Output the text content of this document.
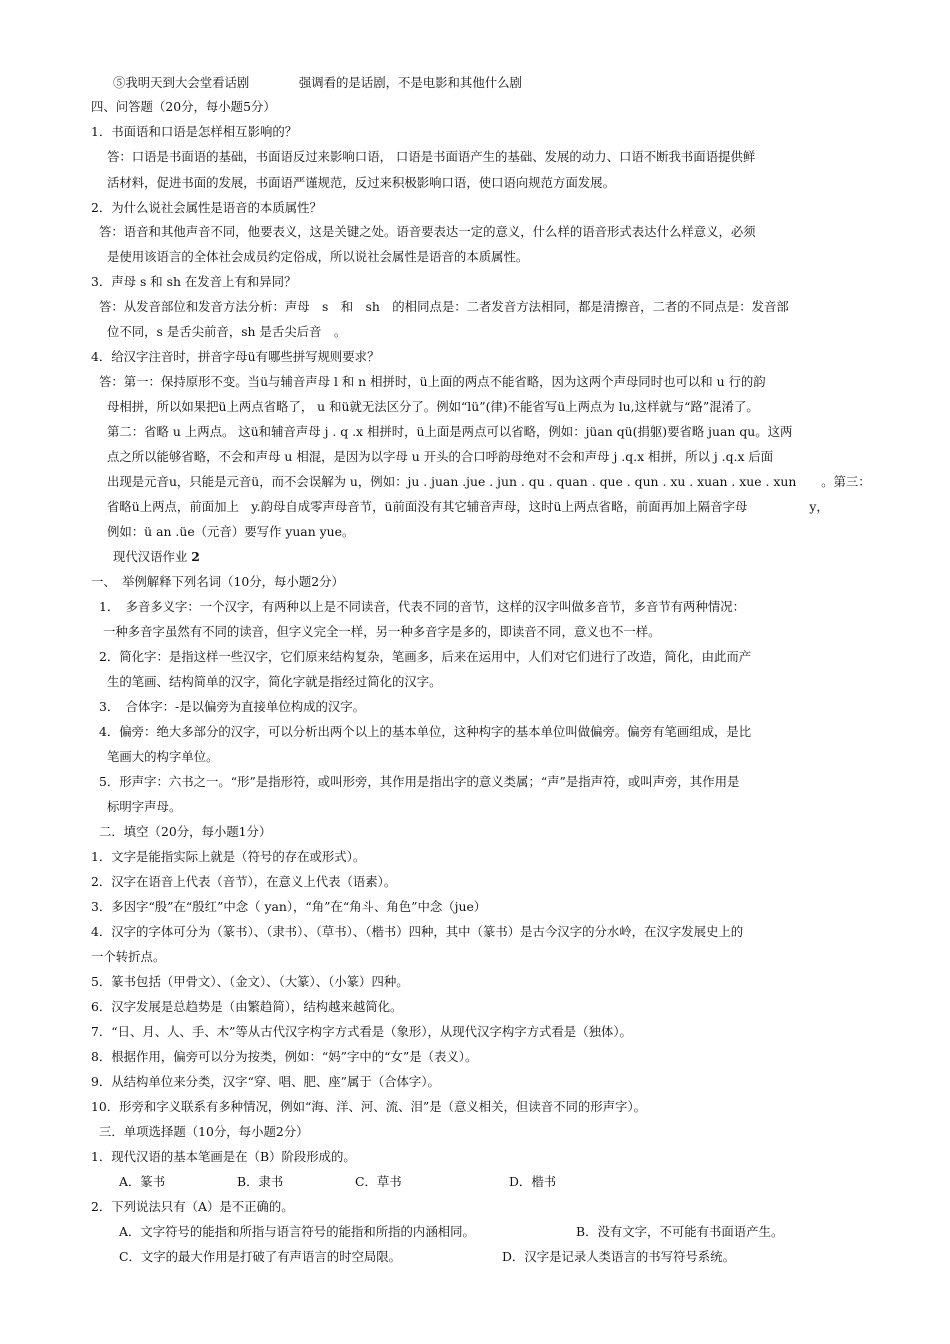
⑤我明天到大会堂看话剧　　　　强调看的是话剧，不是电影和其他什么剧
四、问答题（20分，每小题5分）
1．书面语和口语是怎样相互影响的？
答：口语是书面语的基础，书面语反过来影响口语， 口语是书面语产生的基础、发展的动力、口语不断我书面语提供鲜
活材料，促进书面的发展，书面语严谨规范，反过来积极影响口语，使口语向规范方面发展。
2．为什么说社会属性是语音的本质属性？
答：语音和其他声音不同，他要表义，这是关键之处。语音要表达一定的意义，什么样的语音形式表达什么样意义，必须
是使用该语言的全体社会成员约定俗成，所以说社会属性是语音的本质属性。
3．声母 s 和 sh 在发音上有和异同？
答：从发音部位和发音方法分析：声母　s　和　sh　的相同点是：二者发音方法相同，都是清擦音，二者的不同点是：发音部
位不同，s 是舌尖前音，sh 是舌尖后音　。
4．给汉字注音时，拼音字母ü有哪些拼写规则要求？
答：第一：保持原形不变。当ü与辅音声母 l 和 n 相拼时，ü上面的两点不能省略，因为这两个声母同时也可以和 u 行的韵
母相拼，所以如果把ü上两点省略了， u 和ü就无法区分了。例如“lü”(律)不能省写ü上两点为 lu,这样就与“路”混淆了。
第二：省略 u 上两点。 这ü和辅音声母 j . q .x 相拼时，ü上面是两点可以省略，例如：jüan qü(捐躯)要省略 juan qu。这两
点之所以能够省略，不会和声母 u 相混，是因为以字母 u 开头的合口呼韵母绝对不会和声母 j .q.x 相拼，所以 j .q.x 后面
出现是元音u，只能是元音ü，而不会误解为 u，例如：ju . juan .jue . jun . qu . quan . que . qun . xu . xuan . xue . xun　　。第三：
省略ü上两点，前面加上　y.韵母自成零声母音节，ü前面没有其它辅音声母，这时ü上两点省略，前面再加上隔音字母　　　　　y，
例如：ü an .üe（元音）要写作 yuan yue。
现代汉语作业 2
一、　举例解释下列名词（10分，每小题2分）
1．　多音多义字：一个汉字，有两种以上是不同读音，代表不同的音节，这样的汉字叫做多音节，多音节有两种情况：
一种多音字虽然有不同的读音，但字义完全一样，另一种多音字是多的，即读音不同，意义也不一样。
2．简化字：是指这样一些汉字，它们原来结构复杂，笔画多，后来在运用中，人们对它们进行了改造，简化，由此而产
生的笔画、结构简单的汉字，简化字就是指经过简化的汉字。
3．　合体字：-是以偏旁为直接单位构成的汉字。
4．偏旁：绝大多部分的汉字，可以分析出两个以上的基本单位，这种构字的基本单位叫做偏旁。偏旁有笔画组成，是比
笔画大的构字单位。
5．形声字：六书之一。“形”是指形符，或叫形旁，其作用是指出字的意义类属；“声”是指声符，或叫声旁，其作用是
标明字声母。
二．填空（20分，每小题1分）
1．文字是能指实际上就是（符号的存在或形式）。
2．汉字在语音上代表（音节），在意义上代表（语素）。
3．多因字“殷”在“殷红”中念（ yan），“角”在“角斗、角色”中念（jue）
4．汉字的字体可分为（篆书）、（隶书）、（草书）、（楷书）四种，其中（篆书）是古今汉字的分水岭，在汉字发展史上的
一个转折点。
5．篆书包括（甲骨文）、（金文）、（大篆）、（小篆）四种。
6．汉字发展是总趋势是（由繁趋简），结构越来越简化。
7．“日、月、人、手、木”等从古代汉字构字方式看是（象形），从现代汉字构字方式看是（独体）。
8．根据作用，偏旁可以分为按类，例如：“妈”字中的“女”是（表义）。
9．从结构单位来分类，汉字“穿、唱、肥、座”属于（合体字）。
10．形旁和字义联系有多种情况，例如“海、洋、河、流、泪”是（意义相关，但读音不同的形声字）。
三．单项选择题（10分，每小题2分）
1．现代汉语的基本笔画是在（B）阶段形成的。
A．篆书	B．隶书	C．草书	D．楷书
2．下列说法只有（A）是不正确的。
A．文字符号的能指和所指与语言符号的能指和所指的内涵相同。	B．没有文字，不可能有书面语产生。
C．文字的最大作用是打破了有声语言的时空局限。	D．汉字是记录人类语言的书写符号系统。
